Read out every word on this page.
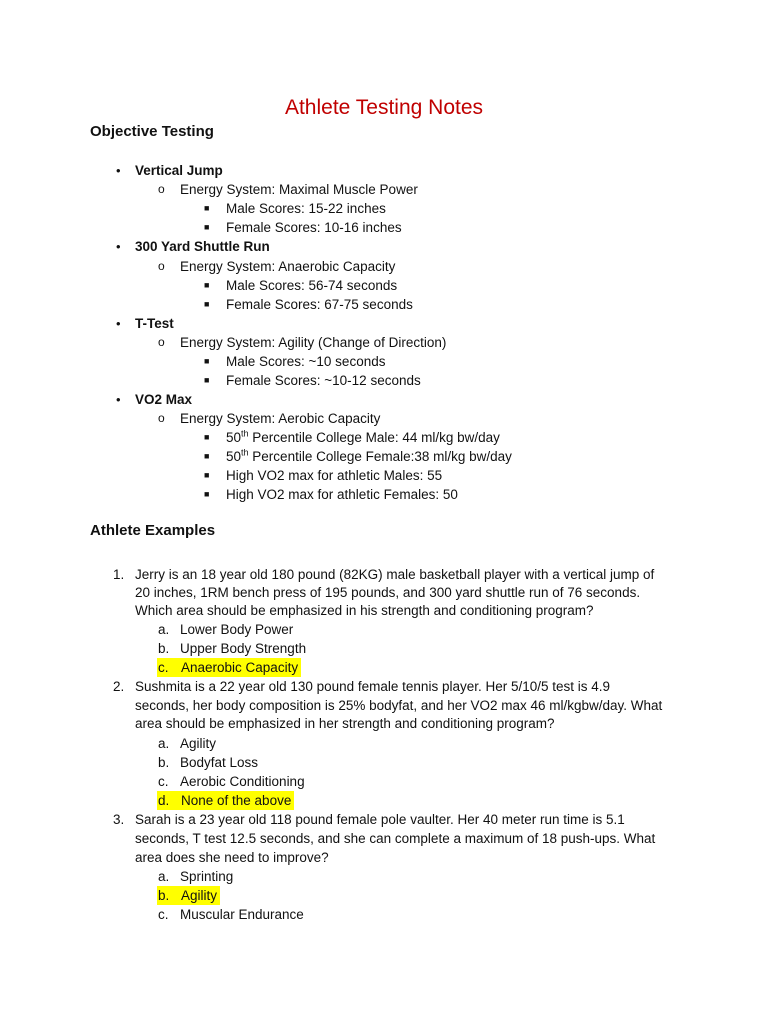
Athlete Testing Notes
Objective Testing
• Vertical Jump
o Energy System: Maximal Muscle Power
■ Male Scores: 15-22 inches
■ Female Scores: 10-16 inches
• 300 Yard Shuttle Run
o Energy System: Anaerobic Capacity
■ Male Scores: 56-74 seconds
■ Female Scores: 67-75 seconds
• T-Test
o Energy System: Agility (Change of Direction)
■ Male Scores: ~10 seconds
■ Female Scores: ~10-12 seconds
• VO2 Max
o Energy System: Aerobic Capacity
■ 50th Percentile College Male: 44 ml/kg bw/day
■ 50th Percentile College Female:38 ml/kg bw/day
■ High VO2 max for athletic Males: 55
■ High VO2 max for athletic Females: 50
Athlete Examples
1. Jerry is an 18 year old 180 pound (82KG) male basketball player with a vertical jump of
20 inches, 1RM bench press of 195 pounds, and 300 yard shuttle run of 76 seconds.
Which area should be emphasized in his strength and conditioning program?
a. Lower Body Power
b. Upper Body Strength
c. Anaerobic Capacity
2. Sushmita is a 22 year old 130 pound female tennis player. Her 5/10/5 test is 4.9
seconds, her body composition is 25% bodyfat, and her VO2 max 46 ml/kgbw/day. What
area should be emphasized in her strength and conditioning program?
a. Agility
b. Bodyfat Loss
c. Aerobic Conditioning
d. None of the above
3. Sarah is a 23 year old 118 pound female pole vaulter. Her 40 meter run time is 5.1
seconds, T test 12.5 seconds, and she can complete a maximum of 18 push-ups. What
area does she need to improve?
a. Sprinting
b. Agility
c. Muscular Endurance
